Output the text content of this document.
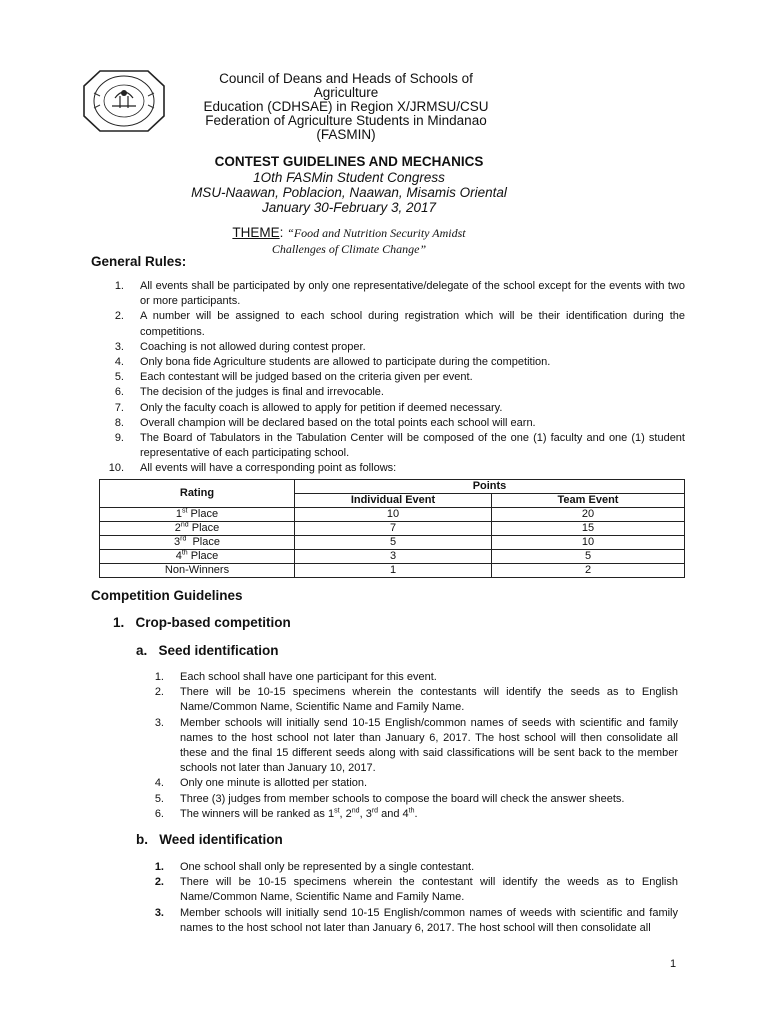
Council of Deans and Heads of Schools of Agriculture
Education (CDHSAE) in Region X/JRMSU/CSU
Federation of Agriculture Students in Mindanao
(FASMIN)
CONTEST GUIDELINES AND MECHANICS
1Oth FASMin Student Congress
MSU-Naawan, Poblacion, Naawan, Misamis Oriental
January 30-February 3, 2017
THEME: “Food and Nutrition Security Amidst
Challenges of Climate Change”
General Rules:
1. All events shall be participated by only one representative/delegate of the school except for the events with two or more participants.
2. A number will be assigned to each school during registration which will be their identification during the competitions.
3. Coaching is not allowed during contest proper.
4. Only bona fide Agriculture students are allowed to participate during the competition.
5. Each contestant will be judged based on the criteria given per event.
6. The decision of the judges is final and irrevocable.
7. Only the faculty coach is allowed to apply for petition if deemed necessary.
8. Overall champion will be declared based on the total points each school will earn.
9. The Board of Tabulators in the Tabulation Center will be composed of the one (1) faculty and one (1) student representative of each participating school.
10. All events will have a corresponding point as follows:
Rating	Points	
	Individual Event	Team Event
1st Place	10	20
2nd Place	7	15
3rd  Place	5	10
4th Place	3	5
Non-Winners	1	2
Competition Guidelines
1. Crop-based competition
a. Seed identification
1. Each school shall have one participant for this event.
2. There will be 10-15 specimens wherein the contestants will identify the seeds as to English Name/Common Name, Scientific Name and Family Name.
3. Member schools will initially send 10-15 English/common names of seeds with scientific and family names to the host school not later than January 6, 2017. The host school will then consolidate all these and the final 15 different seeds along with said classifications will be sent back to the member schools not later than January 10, 2017.
4. Only one minute is allotted per station.
5. Three (3) judges from member schools to compose the board will check the answer sheets.
6. The winners will be ranked as 1st, 2nd, 3rd and 4th.
b. Weed identification
1. One school shall only be represented by a single contestant.
2. There will be 10-15 specimens wherein the contestant will identify the weeds as to English Name/Common Name, Scientific Name and Family Name.
3. Member schools will initially send 10-15 English/common names of weeds with scientific and family names to the host school not later than January 6, 2017. The host school will then consolidate all
1
